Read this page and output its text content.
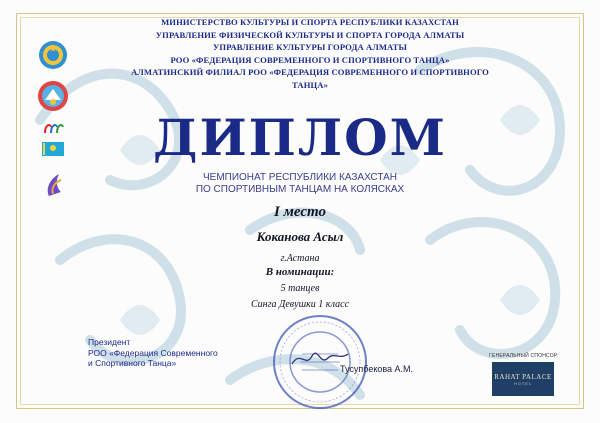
МИНИСТЕРСТВО КУЛЬТУРЫ И СПОРТА РЕСПУБЛИКИ КАЗАХСТАН
УПРАВЛЕНИЕ ФИЗИЧЕСКОЙ КУЛЬТУРЫ И СПОРТА ГОРОДА АЛМАТЫ
УПРАВЛЕНИЕ КУЛЬТУРЫ ГОРОДА АЛМАТЫ
РОО «ФЕДЕРАЦИЯ СОВРЕМЕННОГО И СПОРТИВНОГО ТАНЦА»
АЛМАТИНСКИЙ ФИЛИАЛ РОО «ФЕДЕРАЦИЯ СОВРЕМЕННОГО И СПОРТИВНОГО ТАНЦА»
ДИПЛОМ
ЧЕМПИОНАТ РЕСПУБЛИКИ КАЗАХСТАН
ПО СПОРТИВНЫМ ТАНЦАМ НА КОЛЯСКАХ
I место
Коканова Асыл
г.Астана
В номинации:
5 танцев
Синга Девушки 1 класс
Президент
РОО «Федерация Современного
и Спортивного Танца»
Тусупбекова А.М.
ГЕНЕРАЛЬНЫЙ СПОНСОР:
RAHAT PALACE
HOTEL
